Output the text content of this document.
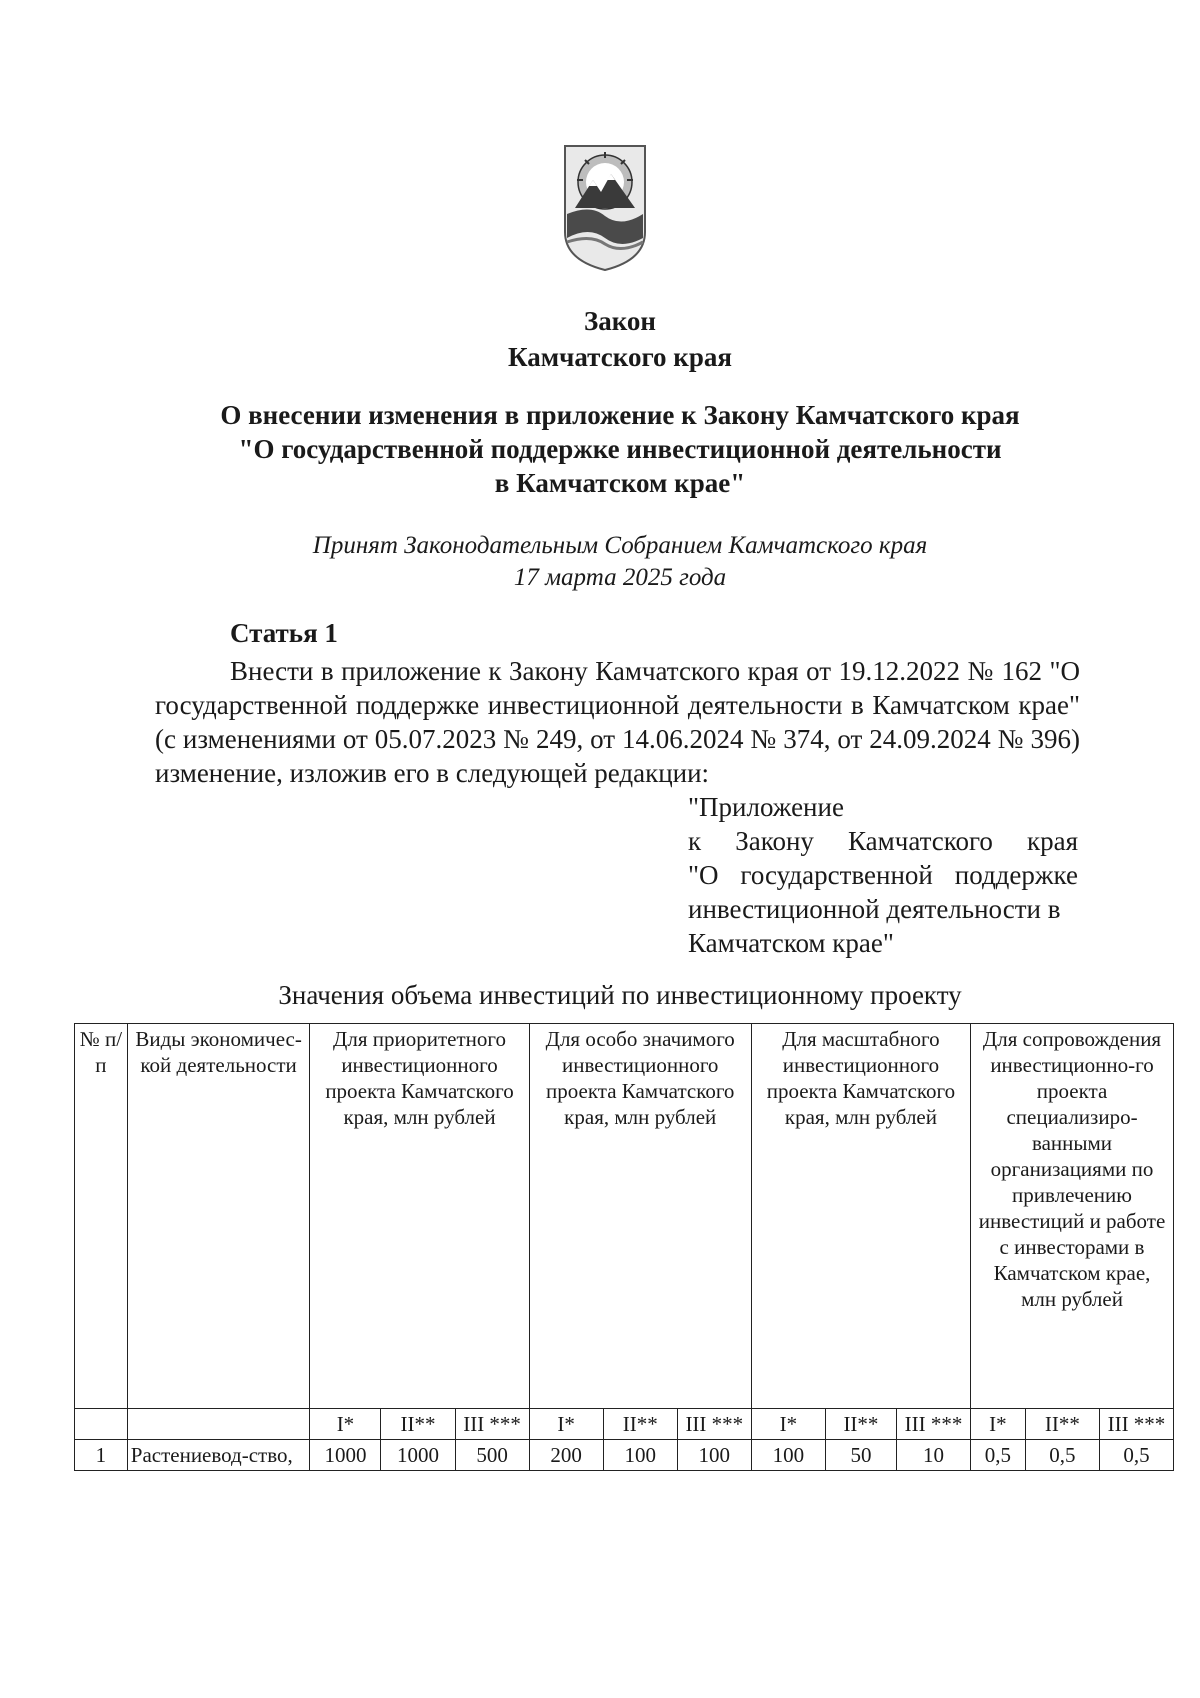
Закон
Камчатского края
О внесении изменения в приложение к Закону Камчатского края
"О государственной поддержке инвестиционной деятельности
в Камчатском крае"
Принят Законодательным Собранием Камчатского края
17 марта 2025 года
Статья 1
Внести в приложение к Закону Камчатского края от 19.12.2022 № 162 "О государственной поддержке инвестиционной деятельности в Камчатском крае" (с изменениями от 05.07.2023 № 249, от 14.06.2024 № 374, от 24.09.2024 № 396) изменение, изложив его в следующей редакции:
"Приложение
к Закону Камчатского края
"О государственной поддержке
инвестиционной деятельности в
Камчатском крае"
Значения объема инвестиций по инвестиционному проекту
№ п/п	Виды экономичес-кой деятельности	Для приоритетного инвестиционного проекта Камчатского края, млн рублей			Для особо значимого инвестиционного проекта Камчатского края, млн рублей			Для масштабного инвестиционного проекта Камчатского края, млн рублей			Для сопровождения инвестиционно-го проекта специализиро-ванными организациями по привлечению инвестиций и работе с инвесторами в Камчатском крае, млн рублей		
		I*	II**	III ***	I*	II**	III ***	I*	II**	III ***	I*	II**	III ***
1	Растениевод-ство,	1000	1000	500	200	100	100	100	50	10	0,5	0,5	0,5
